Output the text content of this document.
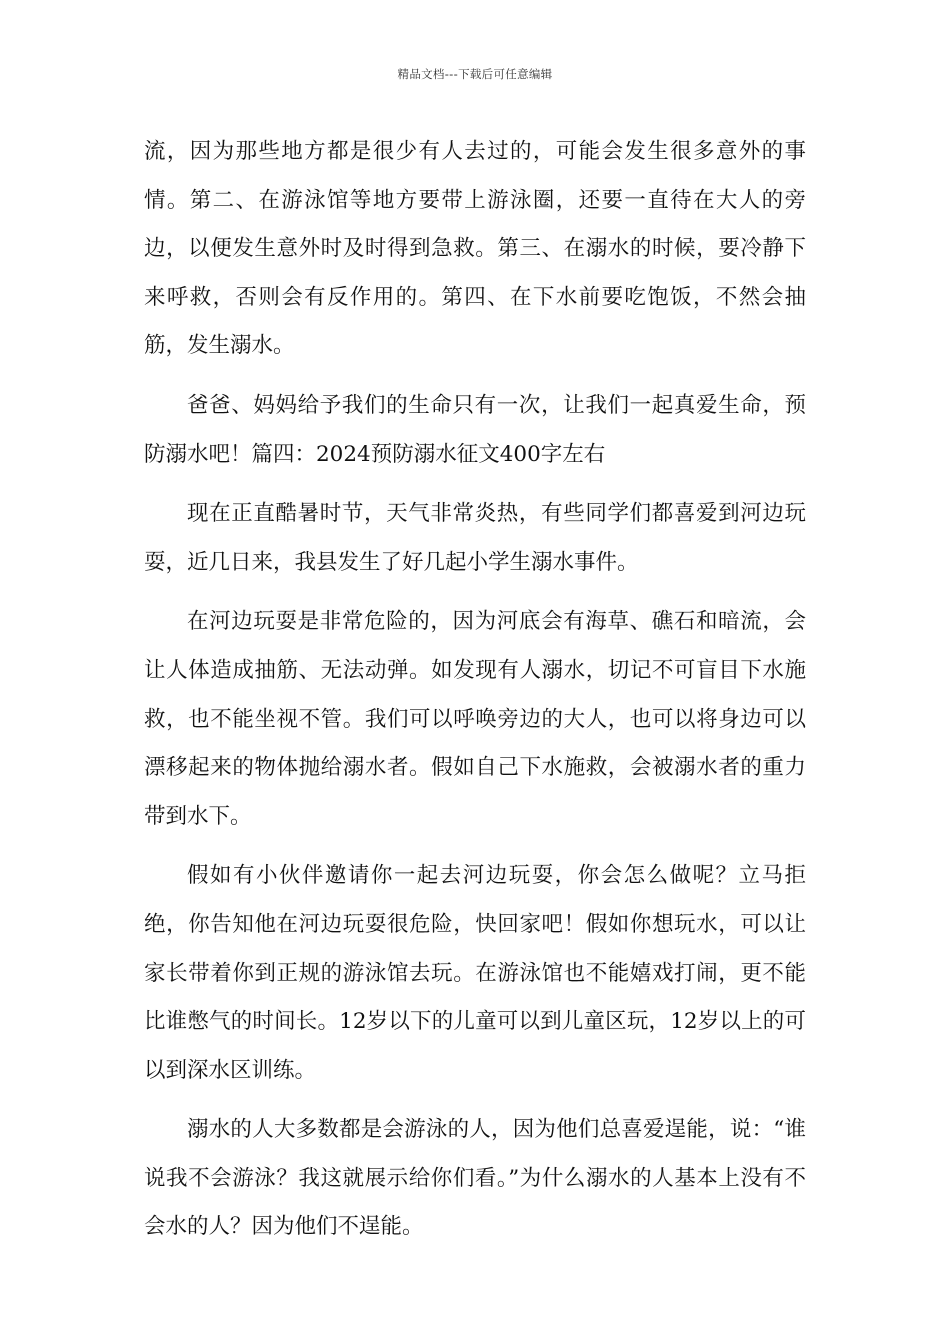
精品文档---下载后可任意编辑

流，因为那些地方都是很少有人去过的，可能会发生很多意外的事情。第二、在游泳馆等地方要带上游泳圈，还要一直待在大人的旁边，以便发生意外时及时得到急救。第三、在溺水的时候，要冷静下来呼救，否则会有反作用的。第四、在下水前要吃饱饭，不然会抽筋，发生溺水。

爸爸、妈妈给予我们的生命只有一次，让我们一起真爱生命，预防溺水吧！篇四：2024预防溺水征文400字左右

现在正直酷暑时节，天气非常炎热，有些同学们都喜爱到河边玩耍，近几日来，我县发生了好几起小学生溺水事件。

在河边玩耍是非常危险的，因为河底会有海草、礁石和暗流，会让人体造成抽筋、无法动弹。如发现有人溺水，切记不可盲目下水施救，也不能坐视不管。我们可以呼唤旁边的大人，也可以将身边可以漂移起来的物体抛给溺水者。假如自己下水施救，会被溺水者的重力带到水下。

假如有小伙伴邀请你一起去河边玩耍，你会怎么做呢？立马拒绝，你告知他在河边玩耍很危险，快回家吧！假如你想玩水，可以让家长带着你到正规的游泳馆去玩。在游泳馆也不能嬉戏打闹，更不能比谁憋气的时间长。12岁以下的儿童可以到儿童区玩，12岁以上的可以到深水区训练。

溺水的人大多数都是会游泳的人，因为他们总喜爱逞能，说：“谁说我不会游泳？我这就展示给你们看。”为什么溺水的人基本上没有不会水的人？因为他们不逞能。
